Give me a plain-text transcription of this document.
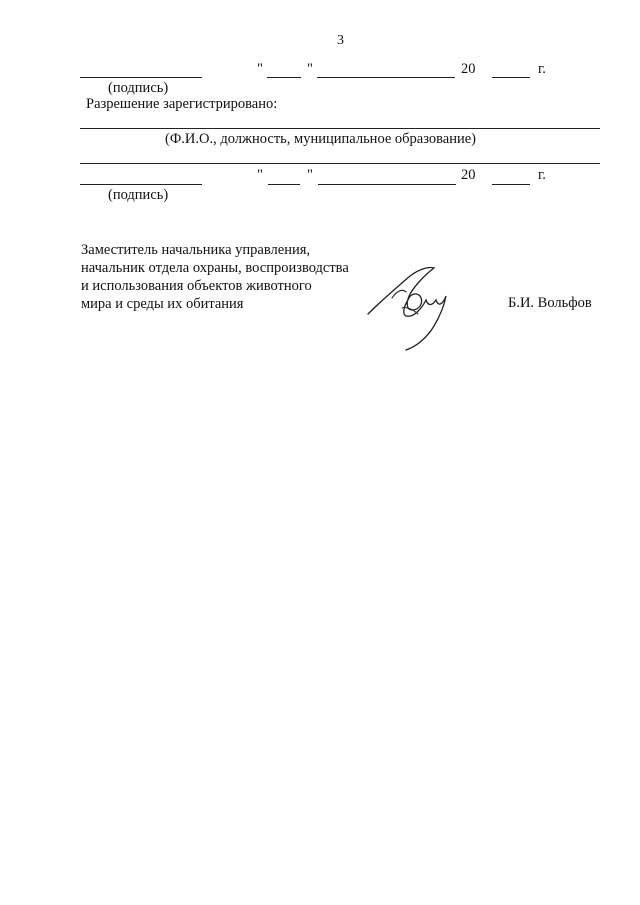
3
"	"	20	г.
(подпись)
Разрешение зарегистрировано:
(Ф.И.О., должность, муниципальное образование)
"	"	20	г.
(подпись)
Заместитель начальника управления,
начальник отдела охраны, воспроизводства
и использования объектов животного
мира и среды их обитания	Б.И. Вольфов
